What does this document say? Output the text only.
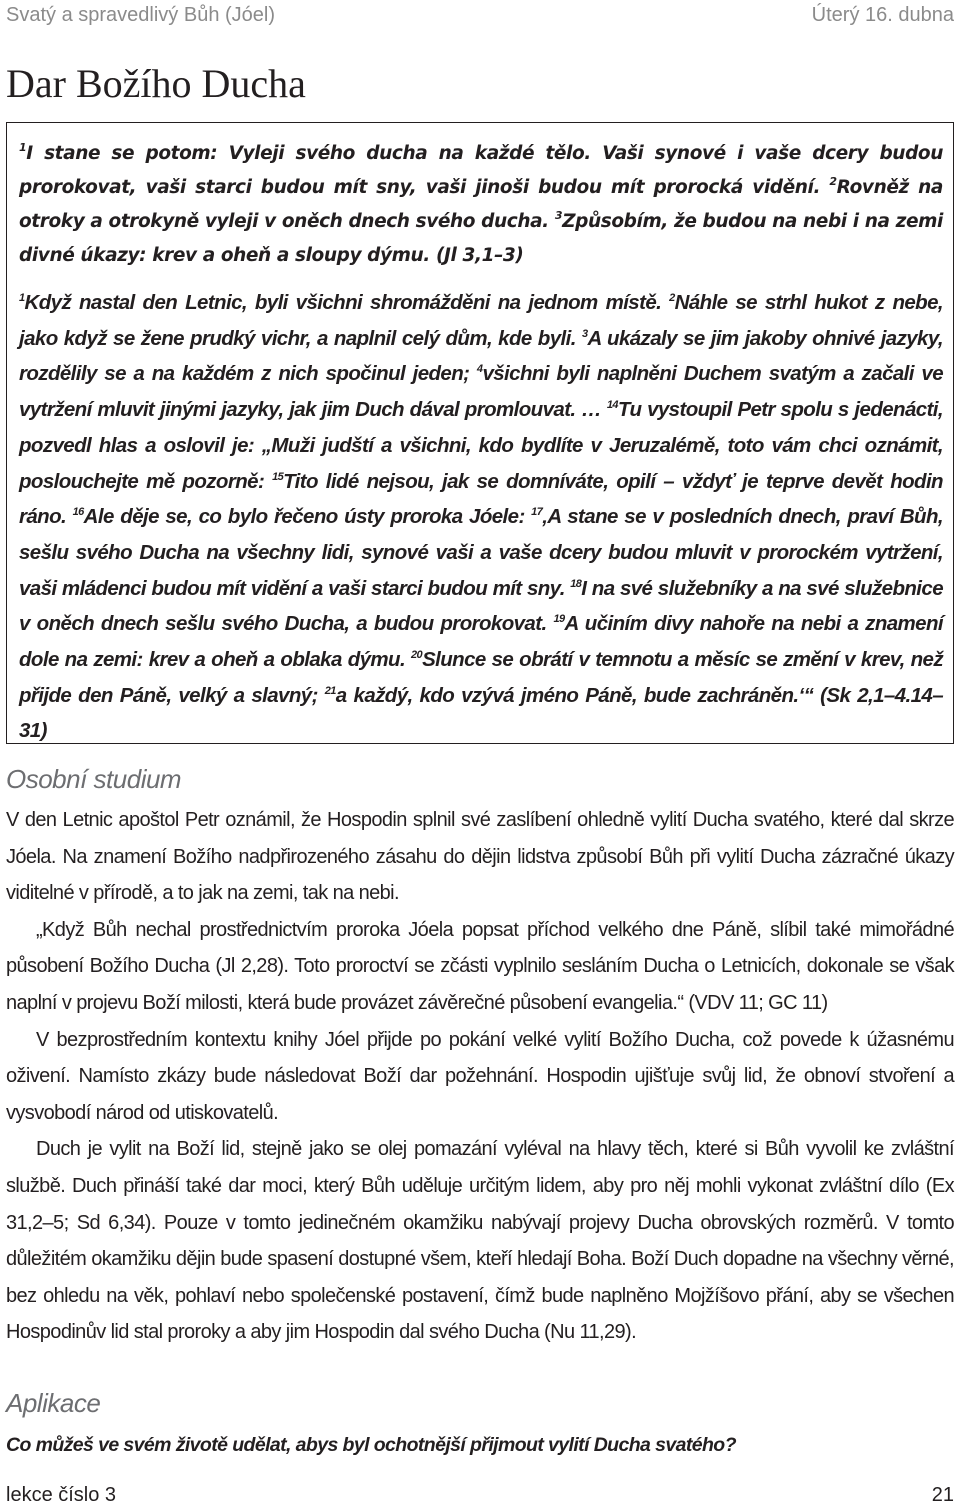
Svatý a spravedlivý Bůh (Jóel)	Úterý 16. dubna
Dar Božího Ducha

$^1$I stane se potom: Vyleji svého ducha na každé tělo. Vaši synové i vaše dcery budou prorokovat, vaši starci budou mít sny, vaši jinoši budou mít prorocká vidění. $^2$Rovněž na otroky a otrokyně vyleji v oněch dnech svého ducha. $^3$Způsobím, že budou na nebi i na zemi divné úkazy: krev a oheň a sloupy dýmu. (Jl 3,1–3)

$^1$Když nastal den Letnic, byli všichni shromážděni na jednom místě. $^2$Náhle se strhl hukot z nebe, jako když se žene prudký vichr, a naplnil celý dům, kde byli. $^3$A ukázaly se jim jakoby ohnivé jazyky, rozdělily se a na každém z nich spočinul jeden; $^4$všichni byli naplněni Duchem svatým a začali ve vytržení mluvit jinými jazyky, jak jim Duch dával promlouvat. … $^{14}$Tu vystoupil Petr spolu s jedenácti, pozvedl hlas a oslovil je: „Muži judští a všichni, kdo bydlíte v Jeruzalémě, toto vám chci oznámit, poslouchejte mě pozorně: $^{15}$Tito lidé nejsou, jak se domníváte, opilí – vždyť je teprve devět hodin ráno. $^{16}$Ale děje se, co bylo řečeno ústy proroka Jóele: $^{17}$‚A stane se v posledních dnech, praví Bůh, sešlu svého Ducha na všechny lidi, synové vaši a vaše dcery budou mluvit v prorockém vytržení, vaši mládenci budou mít vidění a vaši starci budou mít sny. $^{18}$I na své služebníky a na své služebnice v oněch dnech sešlu svého Ducha, a budou prorokovat. $^{19}$A učiním divy nahoře na nebi a znamení dole na zemi: krev a oheň a oblaka dýmu. $^{20}$Slunce se obrátí v temnotu a měsíc se změní v krev, než přijde den Páně, velký a slavný; $^{21}$a každý, kdo vzývá jméno Páně, bude zachráněn.‘“ (Sk 2,1–4.14–31)

Osobní studium

V den Letnic apoštol Petr oznámil, že Hospodin splnil své zaslíbení ohledně vylití Ducha svatého, které dal skrze Jóela. Na znamení Božího nadpřirozeného zásahu do dějin lidstva způsobí Bůh při vylití Ducha zázračné úkazy viditelné v přírodě, a to jak na zemi, tak na nebi.

„Když Bůh nechal prostřednictvím proroka Jóela popsat příchod velkého dne Páně, slíbil také mimořádné působení Božího Ducha (Jl 2,28). Toto proroctví se zčásti vyplnilo sesláním Ducha o Letnicích, dokonale se však naplní v projevu Boží milosti, která bude provázet závěrečné působení evangelia.“ (VDV 11; GC 11)

V bezprostředním kontextu knihy Jóel přijde po pokání velké vylití Božího Ducha, což povede k úžasnému oživení. Namísto zkázy bude následovat Boží dar požehnání. Hospodin ujišťuje svůj lid, že obnoví stvoření a vysvobodí národ od utiskovatelů.

Duch je vylit na Boží lid, stejně jako se olej pomazání vyléval na hlavy těch, které si Bůh vyvolil ke zvláštní službě. Duch přináší také dar moci, který Bůh uděluje určitým lidem, aby pro něj mohli vykonat zvláštní dílo (Ex 31,2–5; Sd 6,34). Pouze v tomto jedinečném okamžiku nabývají projevy Ducha obrovských rozměrů. V tomto důležitém okamžiku dějin bude spasení dostupné všem, kteří hledají Boha. Boží Duch dopadne na všechny věrné, bez ohledu na věk, pohlaví nebo společenské postavení, čímž bude naplněno Mojžíšovo přání, aby se všechen Hospodinův lid stal proroky a aby jim Hospodin dal svého Ducha (Nu 11,29).

Aplikace

Co můžeš ve svém životě udělat, abys byl ochotnější přijmout vylití Ducha svatého?

lekce číslo 3	21
